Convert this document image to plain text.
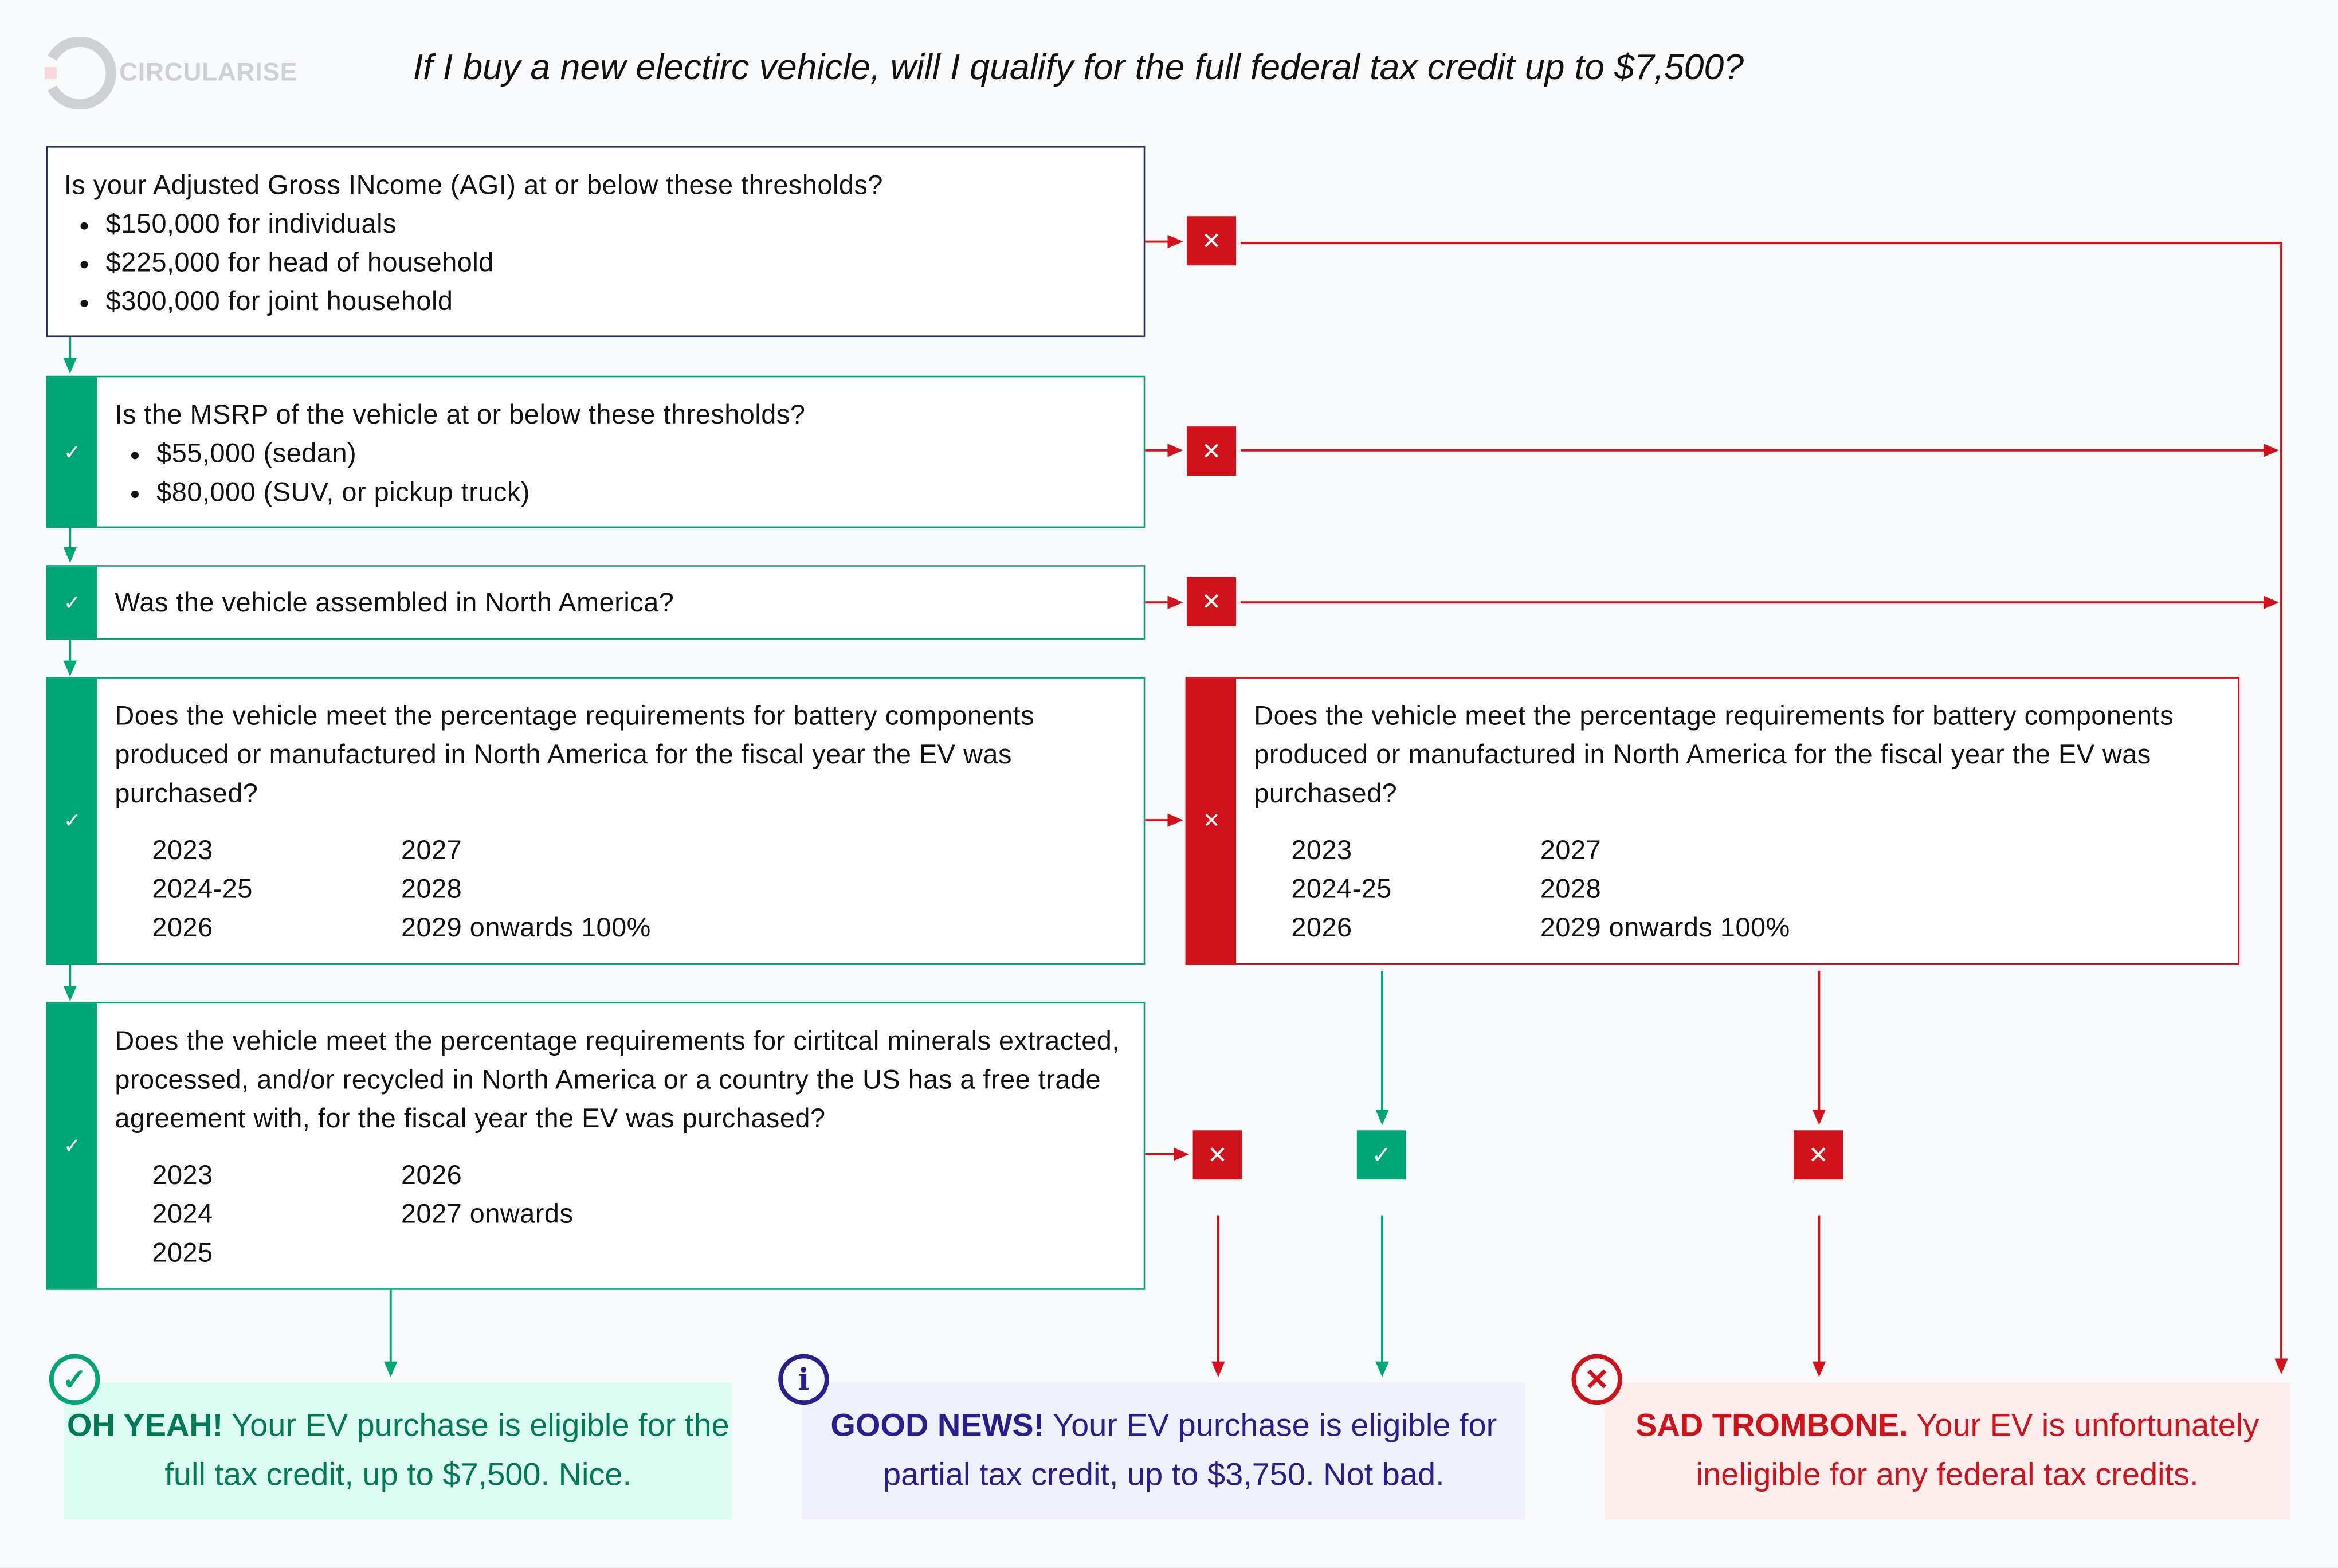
CIRCULARISE	If I buy a new electirc vehicle, will I qualify for the full federal tax credit up to $7,500?
Is your Adjusted Gross INcome (AGI) at or below these thresholds?
• $150,000 for individuals
• $225,000 for head of household
• $300,000 for joint household
✓
Is the MSRP of the vehicle at or below these thresholds?
• $55,000 (sedan)
• $80,000 (SUV, or pickup truck)
✓	Was the vehicle assembled in North America?
✓
Does the vehicle meet the percentage requirements for battery components produced or manufactured in North America for the fiscal year the EV was purchased?
2023	2027
2024-25	2028
2026	2029 onwards 100%
✕
Does the vehicle meet the percentage requirements for battery components produced or manufactured in North America for the fiscal year the EV was purchased?
2023	2027
2024-25	2028
2026	2029 onwards 100%
✓
Does the vehicle meet the percentage requirements for cirtitcal minerals extracted, processed, and/or recycled in North America or a country the US has a free trade agreement with, for the fiscal year the EV was purchased?
2023	2026
2024	2027 onwards
2025
✕
✕
✕
✕	✓	✕
OH YEAH! Your EV purchase is eligible for the full tax credit, up to $7,500. Nice.
GOOD NEWS! Your EV purchase is eligible for partial tax credit, up to $3,750. Not bad.
SAD TROMBONE. Your EV is unfortunately ineligible for any federal tax credits.
✓	i	✕
